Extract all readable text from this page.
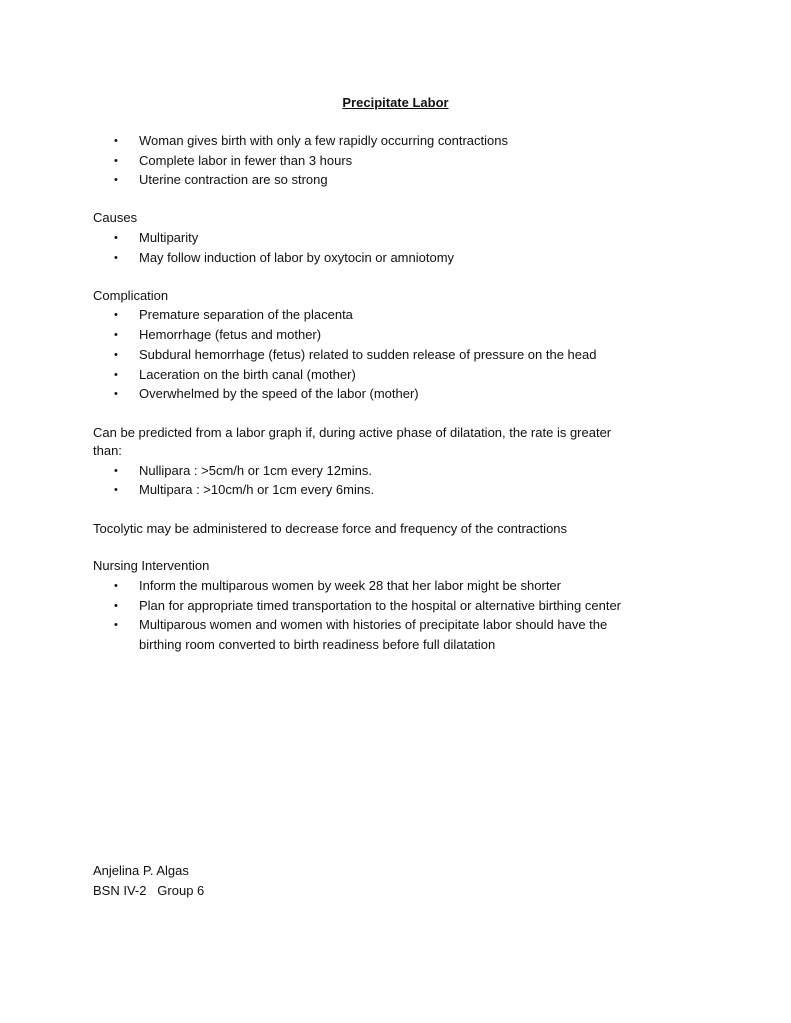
Precipitate Labor
•	Woman gives birth with only a few rapidly occurring contractions
•	Complete labor in fewer than 3 hours
•	Uterine contraction are so strong
Causes
•	Multiparity
•	May follow induction of labor by oxytocin or amniotomy
Complication
•	Premature separation of the placenta
•	Hemorrhage (fetus and mother)
•	Subdural hemorrhage (fetus) related to sudden release of pressure on the head
•	Laceration on the birth canal (mother)
•	Overwhelmed by the speed of the labor (mother)
Can be predicted from a labor graph if, during active phase of dilatation, the rate is greater
than:
•	Nullipara : >5cm/h or 1cm every 12mins.
•	Multipara : >10cm/h or 1cm every 6mins.
Tocolytic may be administered to decrease force and frequency of the contractions
Nursing Intervention
•	Inform the multiparous women by week 28 that her labor might be shorter
•	Plan for appropriate timed transportation to the hospital or alternative birthing center
•	Multiparous women and women with histories of precipitate labor should have the
birthing room converted to birth readiness before full dilatation
Anjelina P. Algas
BSN IV-2   Group 6
